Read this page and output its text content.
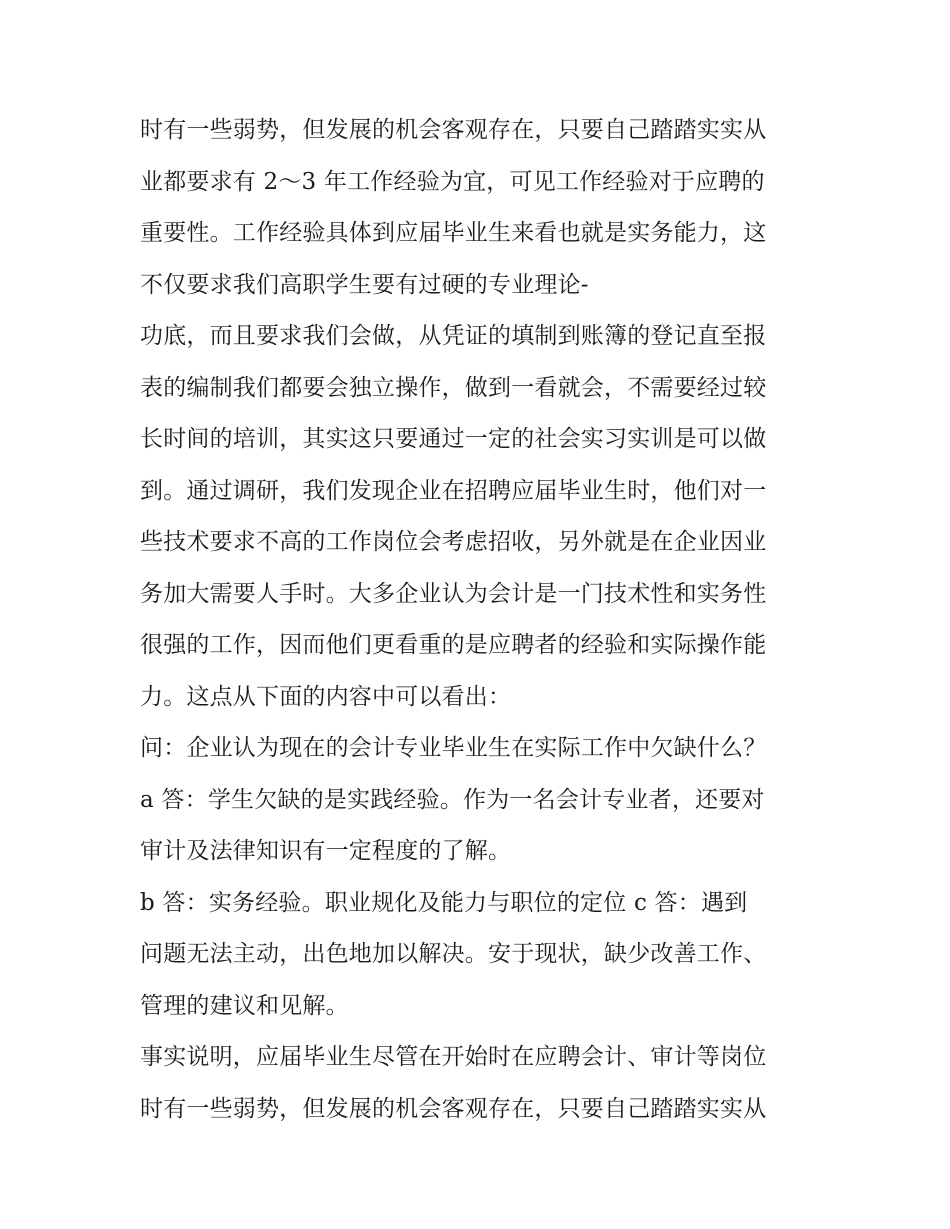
时有一些弱势，但发展的机会客观存在，只要自己踏踏实实从
业都要求有 2～3 年工作经验为宜，可见工作经验对于应聘的
重要性。工作经验具体到应届毕业生来看也就是实务能力，这
不仅要求我们高职学生要有过硬的专业理论-
功底，而且要求我们会做，从凭证的填制到账簿的登记直至报
表的编制我们都要会独立操作，做到一看就会，不需要经过较
长时间的培训，其实这只要通过一定的社会实习实训是可以做
到。通过调研，我们发现企业在招聘应届毕业生时，他们对一
些技术要求不高的工作岗位会考虑招收，另外就是在企业因业
务加大需要人手时。大多企业认为会计是一门技术性和实务性
很强的工作，因而他们更看重的是应聘者的经验和实际操作能
力。这点从下面的内容中可以看出：
问：企业认为现在的会计专业毕业生在实际工作中欠缺什么？
a 答：学生欠缺的是实践经验。作为一名会计专业者，还要对
审计及法律知识有一定程度的了解。
b 答：实务经验。职业规化及能力与职位的定位 c 答：遇到
问题无法主动，出色地加以解决。安于现状，缺少改善工作、
管理的建议和见解。
事实说明，应届毕业生尽管在开始时在应聘会计、审计等岗位
时有一些弱势，但发展的机会客观存在，只要自己踏踏实实从
